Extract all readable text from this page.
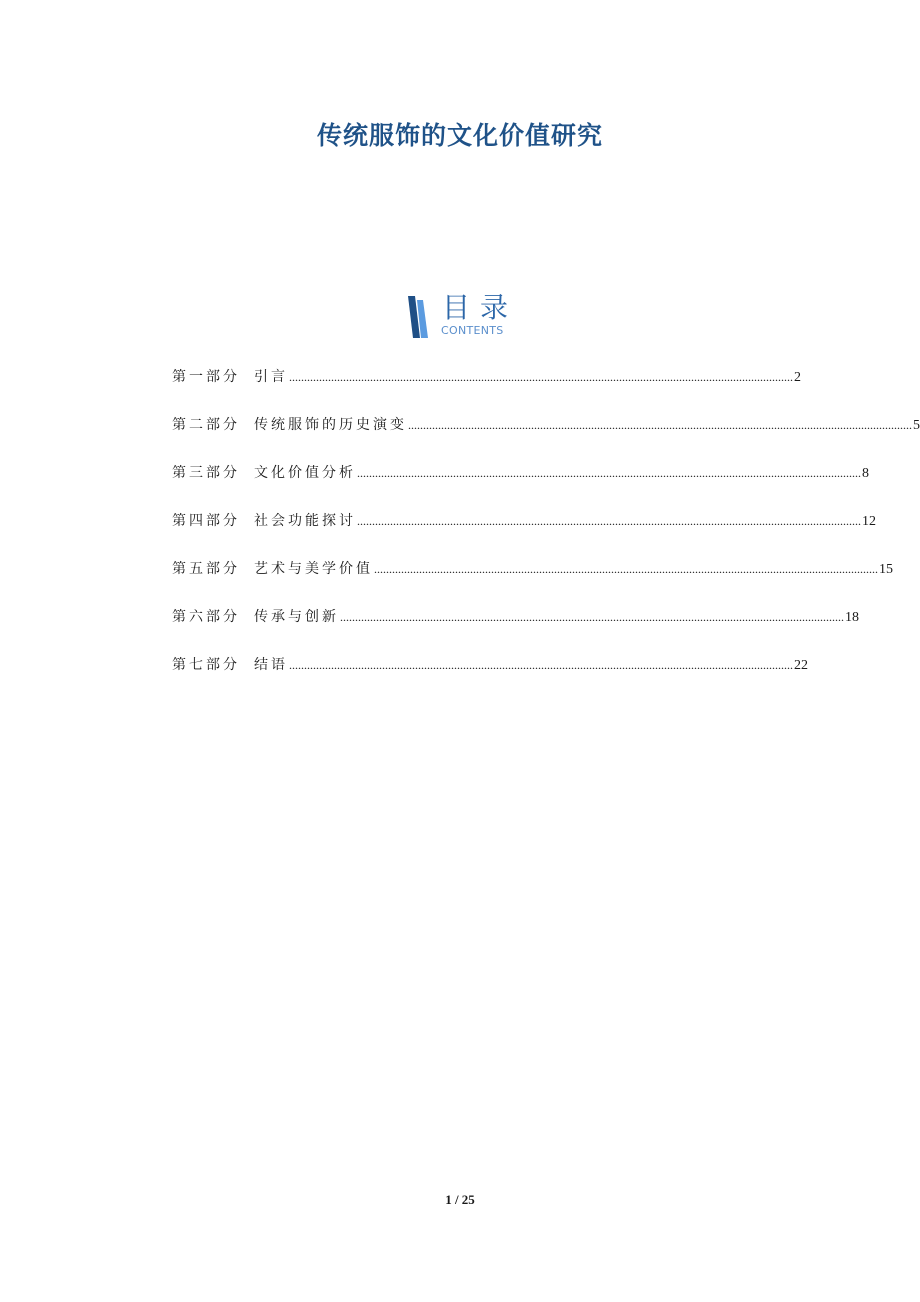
传统服饰的文化价值研究
目录
CONTENTS
第一部分 引言 ........................................................................................................................................................................ 2
第二部分 传统服饰的历史演变 ........................................................................................................................................................................ 5
第三部分 文化价值分析 ........................................................................................................................................................................ 8
第四部分 社会功能探讨 ........................................................................................................................................................................ 12
第五部分 艺术与美学价值 ........................................................................................................................................................................ 15
第六部分 传承与创新 ........................................................................................................................................................................ 18
第七部分 结语 ........................................................................................................................................................................ 22
1 / 25
